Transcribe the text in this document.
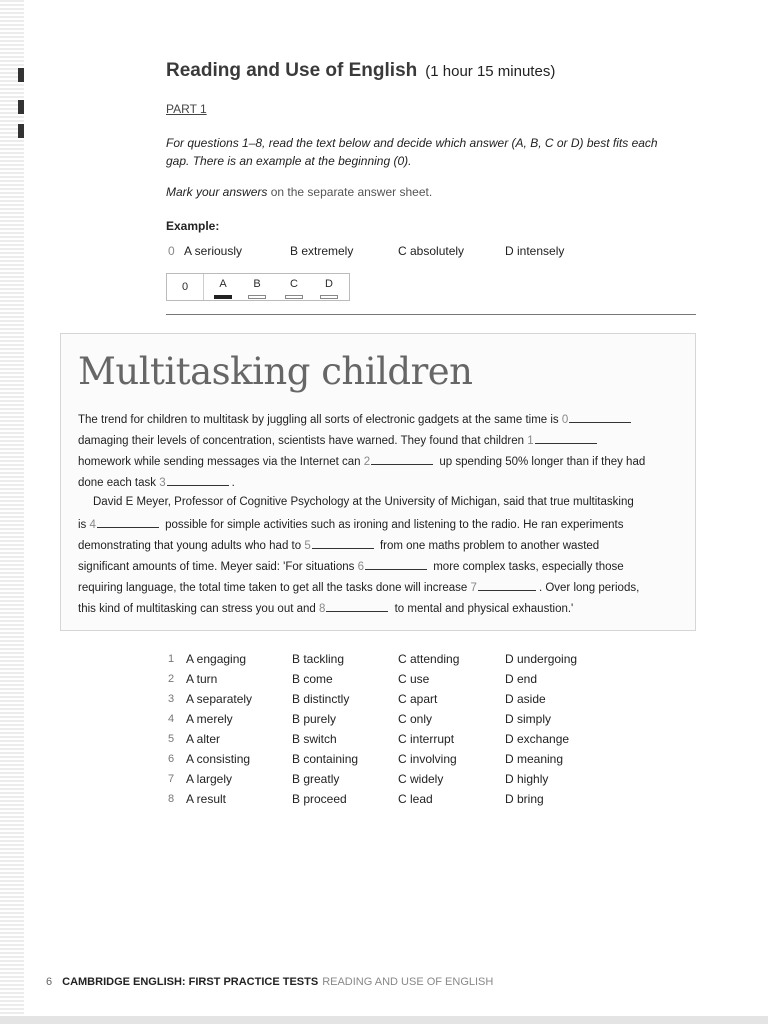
Reading and Use of English (1 hour 15 minutes)
PART 1
For questions 1–8, read the text below and decide which answer (A, B, C or D) best fits each gap. There is an example at the beginning (0).
Mark your answers on the separate answer sheet.
Example:
0 A seriously	B extremely	C absolutely	D intensely
0	A	B	C	D
Multitasking children
The trend for children to multitask by juggling all sorts of electronic gadgets at the same time is 0
damaging their levels of concentration, scientists have warned. They found that children 1
homework while sending messages via the Internet can 2	up spending 50% longer than if they had
done each task 3	.
David E Meyer, Professor of Cognitive Psychology at the University of Michigan, said that true multitasking
is 4	possible for simple activities such as ironing and listening to the radio. He ran experiments
demonstrating that young adults who had to 5	from one maths problem to another wasted
significant amounts of time. Meyer said: 'For situations 6	more complex tasks, especially those
requiring language, the total time taken to get all the tasks done will increase 7	. Over long periods,
this kind of multitasking can stress you out and 8	to mental and physical exhaustion.'
1 A engaging	B tackling	C attending	D undergoing
2 A turn	B come	C use	D end
3 A separately	B distinctly	C apart	D aside
4 A merely	B purely	C only	D simply
5 A alter	B switch	C interrupt	D exchange
6 A consisting	B containing	C involving	D meaning
7 A largely	B greatly	C widely	D highly
8 A result	B proceed	C lead	D bring
6 CAMBRIDGE ENGLISH: FIRST PRACTICE TESTS READING AND USE OF ENGLISH
